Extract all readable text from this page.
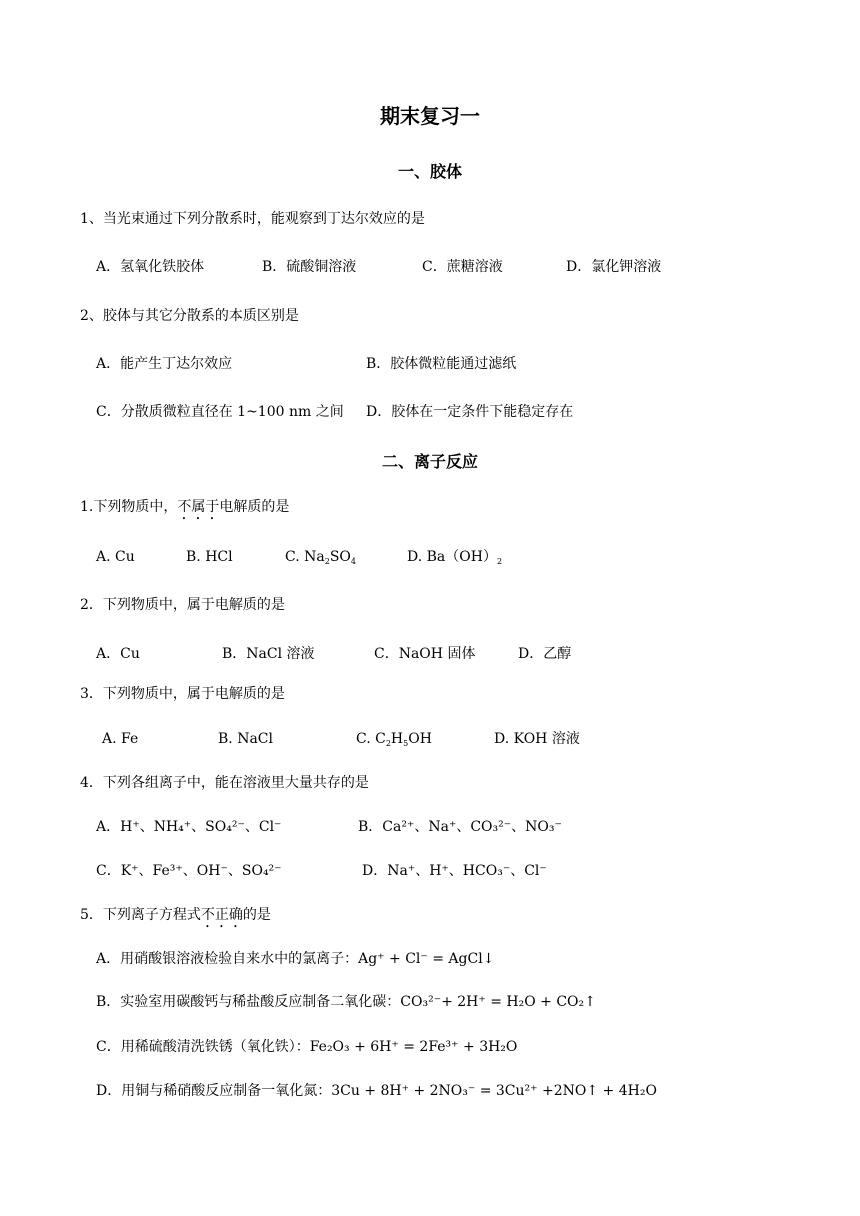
期末复习一
一、胶体
1、当光束通过下列分散系时，能观察到丁达尔效应的是
A．氢氧化铁胶体	B．硫酸铜溶液	C．蔗糖溶液	D．氯化钾溶液
2、胶体与其它分散系的本质区别是
A．能产生丁达尔效应	B．胶体微粒能通过滤纸
C．分散质微粒直径在 1~100 nm 之间 D．胶体在一定条件下能稳定存在
二、离子反应
1.下列物质中，不属于电解质的是
A. Cu	B. HCl	C. $Na_2SO_4$	D. $Ba(OH)_2$
2．下列物质中，属于电解质的是
A．Cu	B．NaCl 溶液	C．NaOH 固体	D．乙醇
3．下列物质中，属于电解质的是
A. Fe	B. NaCl	C. $C_2H_5OH$	D. KOH 溶液
4．下列各组离子中，能在溶液里大量共存的是
A．H⁺、NH₄⁺、SO₄²⁻、Cl⁻	B．Ca²⁺、Na⁺、CO₃²⁻、NO₃⁻
C．K⁺、Fe³⁺、OH⁻、SO₄²⁻	D．Na⁺、H⁺、HCO₃⁻、Cl⁻
5．下列离子方程式不正确的是
A．用硝酸银溶液检验自来水中的氯离子：Ag⁺ + Cl⁻ = AgCl↓
B．实验室用碳酸钙与稀盐酸反应制备二氧化碳：CO₃²⁻+ 2H⁺ = H₂O + CO₂↑
C．用稀硫酸清洗铁锈（氧化铁）：Fe₂O₃ + 6H⁺ = 2Fe³⁺ + 3H₂O
D．用铜与稀硝酸反应制备一氧化氮：3Cu + 8H⁺ + 2NO₃⁻ = 3Cu²⁺ +2NO↑ + 4H₂O
